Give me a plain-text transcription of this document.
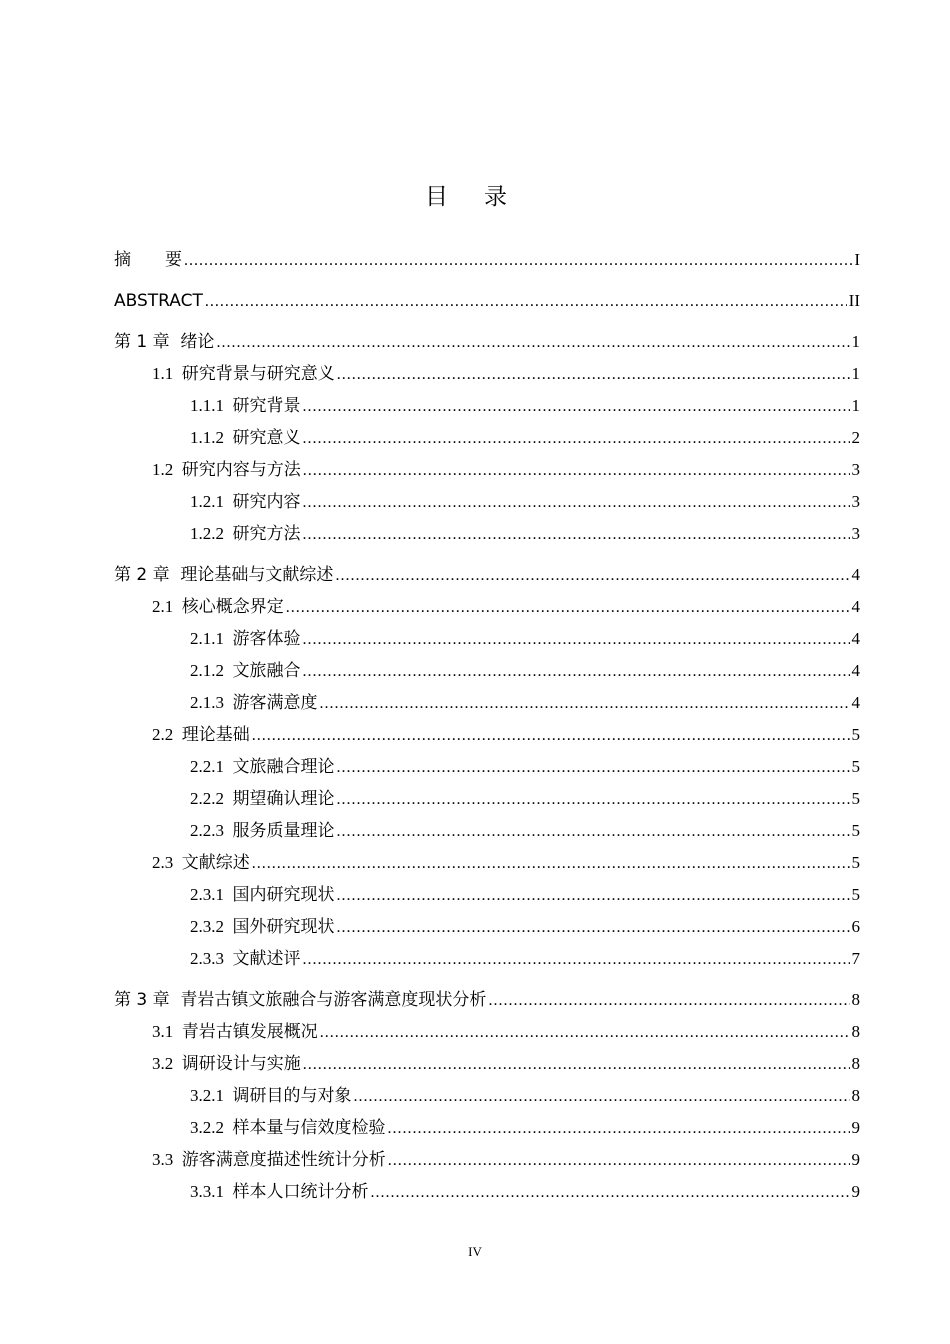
目录
摘　　要 .....	I
ABSTRACT .....	II
第 1 章  绪论 .....	1
1.1  研究背景与研究意义 .....	1
1.1.1  研究背景 .....	1
1.1.2  研究意义 .....	2
1.2  研究内容与方法 .....	3
1.2.1  研究内容 .....	3
1.2.2  研究方法 .....	3
第 2 章  理论基础与文献综述 .....	4
2.1  核心概念界定 .....	4
2.1.1  游客体验 .....	4
2.1.2  文旅融合 .....	4
2.1.3  游客满意度 .....	4
2.2  理论基础 .....	5
2.2.1  文旅融合理论 .....	5
2.2.2  期望确认理论 .....	5
2.2.3  服务质量理论 .....	5
2.3  文献综述 .....	5
2.3.1  国内研究现状 .....	5
2.3.2  国外研究现状 .....	6
2.3.3  文献述评 .....	7
第 3 章  青岩古镇文旅融合与游客满意度现状分析 .....	8
3.1  青岩古镇发展概况 .....	8
3.2  调研设计与实施 .....	8
3.2.1  调研目的与对象 .....	8
3.2.2  样本量与信效度检验 .....	9
3.3  游客满意度描述性统计分析 .....	9
3.3.1  样本人口统计分析 .....	9
IV
